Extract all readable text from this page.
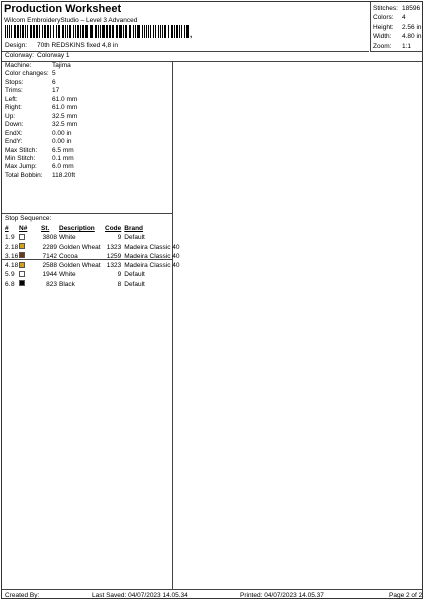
Production Worksheet
Wilcom EmbroideryStudio – Level 3 Advanced
,
Design: 70th REDSKINS fixed 4,8 in
Colorway: Colorway 1
Stitches: 18596
Colors: 4
Height: 2.56 in
Width: 4.80 in
Zoom: 1:1
Machine:	Tajima
Color changes: 5
Stops:	6
Trims:	17
Left:	61.0 mm
Right:	61.0 mm
Up:	32.5 mm
Down:	32.5 mm
EndX:	0.00 in
EndY:	0.00 in
Max Stitch: 6.5 mm
Min Stitch:	0.1 mm
Max Jump: 6.0 mm
Total Bobbin: 118.20ft
Stop Sequence:
#		N#	St.	Description	Code	Brand
1.	9		3808	White	9	Default
2.	18		2289	Golden Wheat	1323	Madeira Classic 40
3.	16		7142	Cocoa	1259	Madeira Classic 40
4.	18		2588	Golden Wheat	1323	Madeira Classic 40
5.	9		1944	White	9	Default
6.	8		823	Black	8	Default
Created By:	Last Saved: 04/07/2023 14.05.34	Printed: 04/07/2023 14.05.37	Page 2 of 2
